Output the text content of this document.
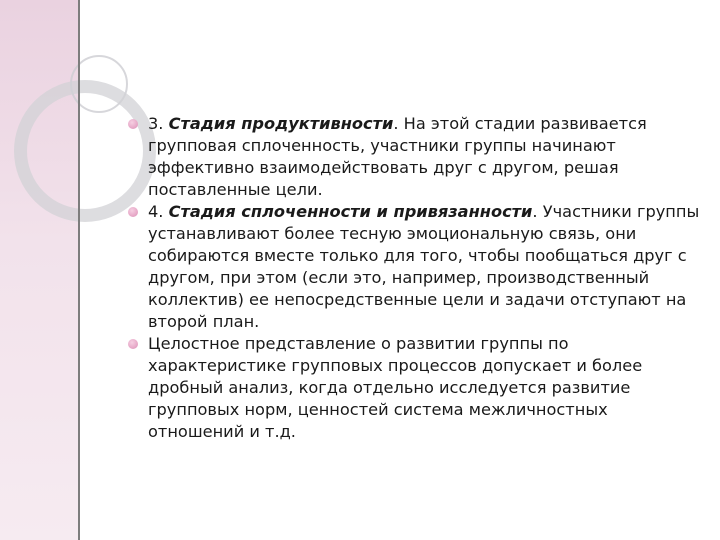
3. Стадия продуктивности. На этой стадии развивается групповая сплоченность, участники группы начинают эффективно взаимодействовать друг с другом, решая поставленные цели.

4. Стадия сплоченности и привязанности. Участники группы устанавливают более тесную эмоциональную связь, они собираются вместе только для того, чтобы пообщаться друг с другом, при этом (если это, например, производственный коллектив) ее непосредственные цели и задачи отступают на второй план.

Целостное представление о развитии группы по характеристике групповых процессов допускает и более дробный анализ, когда отдельно исследуется развитие групповых норм, ценностей система межличностных отношений и т.д.
